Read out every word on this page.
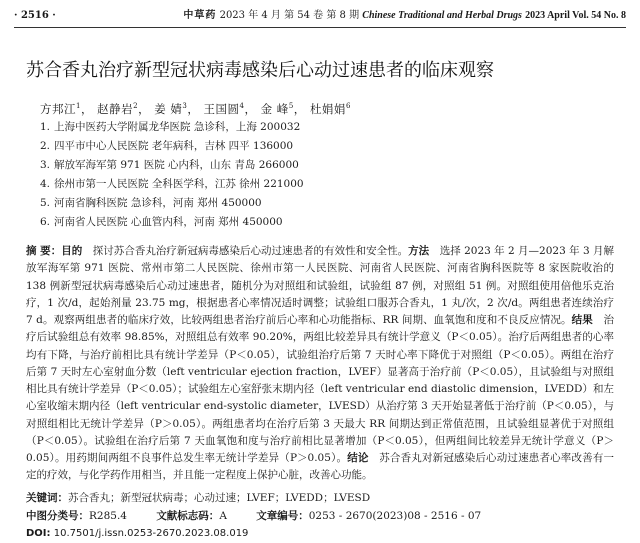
· 2516 ·	中草药 2023 年 4 月 第 54 卷 第 8 期 Chinese Traditional and Herbal Drugs 2023 April Vol. 54 No. 8
苏合香丸治疗新型冠状病毒感染后心动过速患者的临床观察
方邦江$^1$， 赵静岩$^2$， 姜 婧$^3$， 王国圆$^4$， 金 峰$^5$， 杜娟娟$^6$
1. 上海中医药大学附属龙华医院 急诊科，上海 200032
2. 四平市中心人民医院 老年病科，吉林 四平 136000
3. 解放军海军第 971 医院 心内科，山东 青岛 266000
4. 徐州市第一人民医院 全科医学科，江苏 徐州 221000
5. 河南省胸科医院 急诊科，河南 郑州 450000
6. 河南省人民医院 心血管内科，河南 郑州 450000
摘 要：目的　 探讨苏合香丸治疗新冠病毒感染后心动过速患者的有效性和安全性。方法　 选择 2023 年 2 月—2023 年 3 月解放军海军第 971 医院、常州市第二人民医院、徐州市第一人民医院、河南省人民医院、河南省胸科医院等 8 家医院收治的 138 例新型冠状病毒感染后心动过速患者，随机分为对照组和试验组，试验组 87 例，对照组 51 例。对照组使用倍他乐克治疗，1 次/d，起始剂量 23.75 mg，根据患者心率情况适时调整；试验组口服苏合香丸，1 丸/次，2 次/d。两组患者连续治疗 7 d。观察两组患者的临床疗效，比较两组患者治疗前后心率和心功能指标、RR 间期、血氧饱和度和不良反应情况。结果　 治疗后试验组总有效率 98.85%，对照组总有效率 90.20%，两组比较差异具有统计学意义（P＜0.05）。治疗后两组患者的心率均有下降，与治疗前相比具有统计学差异（P＜0.05），试验组治疗后第 7 天时心率下降优于对照组（P＜0.05）。两组在治疗后第 7 天时左心室射血分数（left ventricular ejection fraction，LVEF）显著高于治疗前（P＜0.05），且试验组与对照组相比具有统计学差异（P＜0.05）；试验组左心室舒张末期内径（left ventricular end diastolic dimension，LVEDD）和左心室收缩末期内径（left ventricular end-systolic diameter，LVESD）从治疗第 3 天开始显著低于治疗前（P＜0.05），与对照组相比无统计学差异（P＞0.05）。两组患者均在治疗后第 3 天最大 RR 间期达到正常值范围，且试验组显著优于对照组（P＜0.05）。试验组在治疗后第 7 天血氧饱和度与治疗前相比显著增加（P＜0.05），但两组间比较差异无统计学意义（P＞0.05）。用药期间两组不良事件总发生率无统计学差异（P＞0.05）。结论　 苏合香丸对新冠感染后心动过速患者心率改善有一定的疗效，与化学药作用相当，并且能一定程度上保护心脏，改善心功能。
关键词：苏合香丸；新型冠状病毒；心动过速；LVEF；LVEDD；LVESD
中图分类号：R285.4	文献标志码：A	文章编号：0253 - 2670(2023)08 - 2516 - 07
DOI: 10.7501/j.issn.0253-2670.2023.08.019
